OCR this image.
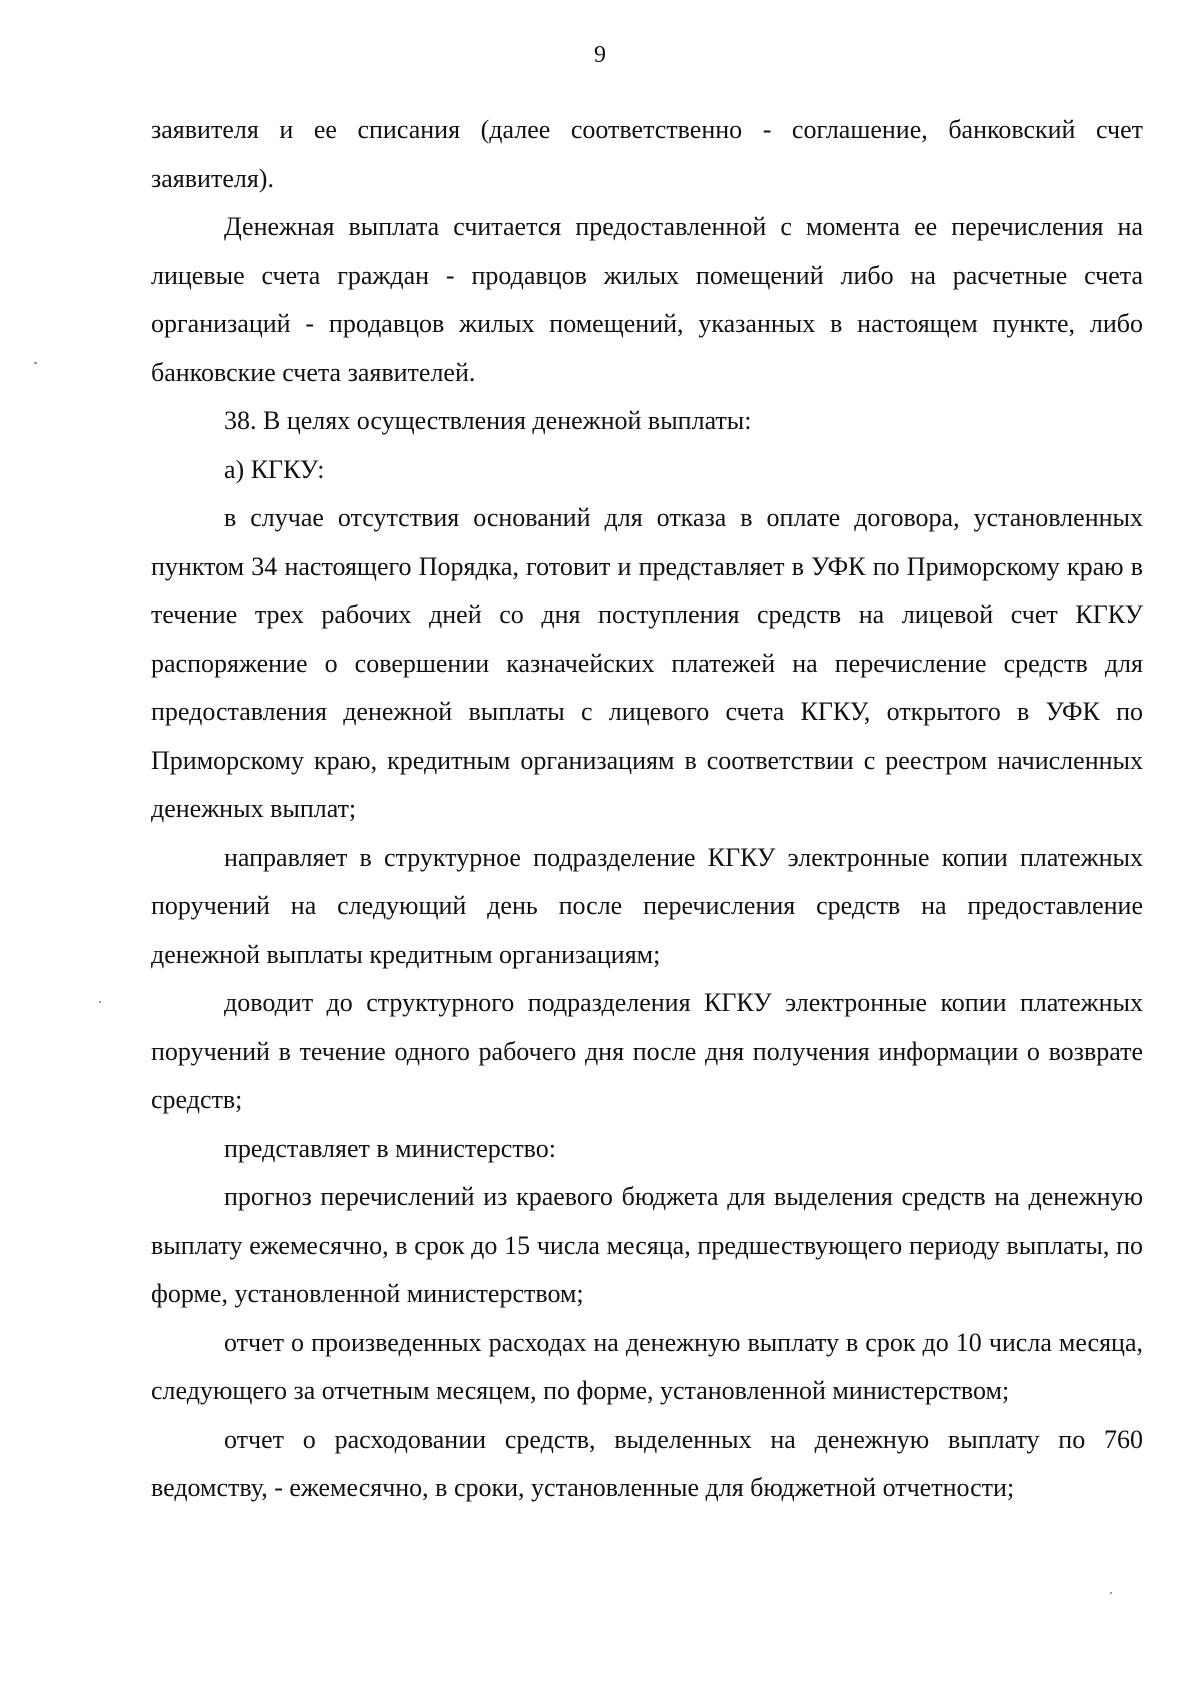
9

заявителя и ее списания (далее соответственно - соглашение, банковский счет заявителя).

Денежная выплата считается предоставленной с момента ее перечисления на лицевые счета граждан - продавцов жилых помещений либо на расчетные счета организаций - продавцов жилых помещений, указанных в настоящем пункте, либо банковские счета заявителей.

38. В целях осуществления денежной выплаты:

а) КГКУ:

в случае отсутствия оснований для отказа в оплате договора, установленных пунктом 34 настоящего Порядка, готовит и представляет в УФК по Приморскому краю в течение трех рабочих дней со дня поступления средств на лицевой счет КГКУ распоряжение о совершении казначейских платежей на перечисление средств для предоставления денежной выплаты с лицевого счета КГКУ, открытого в УФК по Приморскому краю, кредитным организациям в соответствии с реестром начисленных денежных выплат;

направляет в структурное подразделение КГКУ электронные копии платежных поручений на следующий день после перечисления средств на предоставление денежной выплаты кредитным организациям;

доводит до структурного подразделения КГКУ электронные копии платежных поручений в течение одного рабочего дня после дня получения информации о возврате средств;

представляет в министерство:

прогноз перечислений из краевого бюджета для выделения средств на денежную выплату ежемесячно, в срок до 15 числа месяца, предшествующего периоду выплаты, по форме, установленной министерством;

отчет о произведенных расходах на денежную выплату в срок до 10 числа месяца, следующего за отчетным месяцем, по форме, установленной министерством;

отчет о расходовании средств, выделенных на денежную выплату по 760 ведомству, - ежемесячно, в сроки, установленные для бюджетной отчетности;
